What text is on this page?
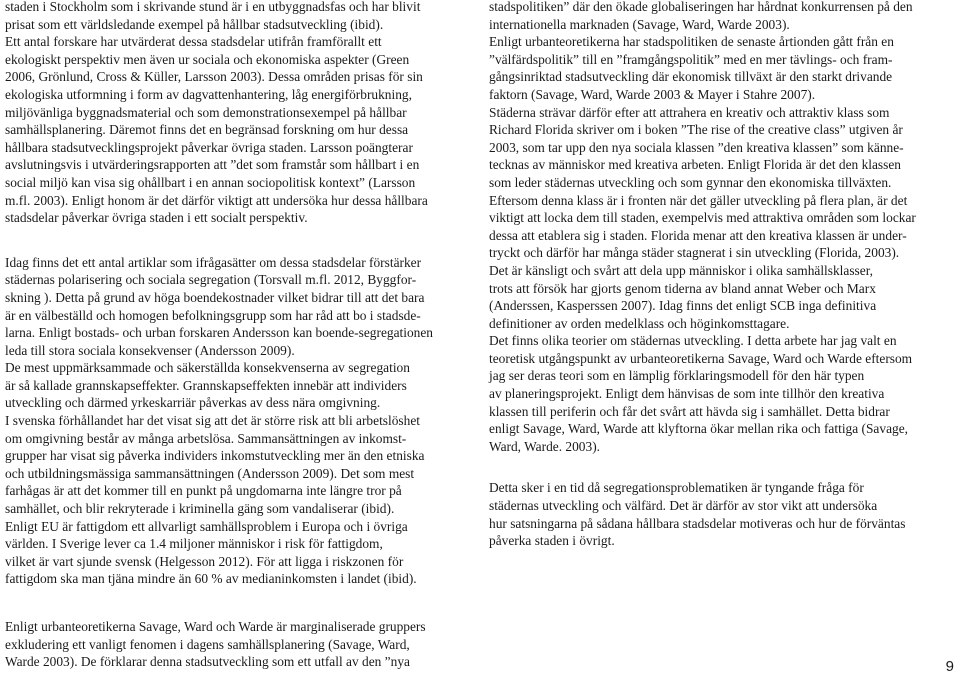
staden i Stockholm som i skrivande stund är i en utbyggnadsfas och har blivit
prisat som ett världsledande exempel på hållbar stadsutveckling (ibid).
Ett antal forskare har utvärderat dessa stadsdelar utifrån framförallt ett
ekologiskt perspektiv men även ur sociala och ekonomiska aspekter (Green
2006, Grönlund, Cross & Küller, Larsson 2003). Dessa områden prisas för sin
ekologiska utformning i form av dagvattenhantering, låg energiförbrukning,
miljövänliga byggnadsmaterial och som demonstrationsexempel på hållbar
samhällsplanering. Däremot finns det en begränsad forskning om hur dessa
hållbara stadsutvecklingsprojekt påverkar övriga staden. Larsson poängterar
avslutningsvis i utvärderingsrapporten att ”det som framstår som hållbart i en
social miljö kan visa sig ohållbart i en annan sociopolitisk kontext” (Larsson
m.fl. 2003). Enligt honom är det därför viktigt att undersöka hur dessa hållbara
stadsdelar påverkar övriga staden i ett socialt perspektiv.

Idag finns det ett antal artiklar som ifrågasätter om dessa stadsdelar förstärker
städernas polarisering och sociala segregation (Torsvall m.fl. 2012, Byggfor-
skning ). Detta på grund av höga boendekostnader vilket bidrar till att det bara
är en välbeställd och homogen befolkningsgrupp som har råd att bo i stadsde-
larna. Enligt bostads- och urban forskaren Andersson kan boende-segregationen
leda till stora sociala konsekvenser (Andersson 2009).
De mest uppmärksammade och säkerställda konsekvenserna av segregation
är så kallade grannskapseffekter. Grannskapseffekten innebär att individers
utveckling och därmed yrkeskarriär påverkas av dess nära omgivning.
I svenska förhållandet har det visat sig att det är större risk att bli arbetslöshet
om omgivning består av många arbetslösa. Sammansättningen av inkomst-
grupper har visat sig påverka individers inkomstutveckling mer än den etniska
och utbildningsmässiga sammansättningen (Andersson 2009). Det som mest
farhågas är att det kommer till en punkt på ungdomarna inte längre tror på
samhället, och blir rekryterade i kriminella gäng som vandaliserar (ibid).
Enligt EU är fattigdom ett allvarligt samhällsproblem i Europa och i övriga
världen. I Sverige lever ca 1.4 miljoner människor i risk för fattigdom,
vilket är vart sjunde svensk (Helgesson 2012). För att ligga i riskzonen för
fattigdom ska man tjäna mindre än 60 % av medianinkomsten i landet (ibid).

Enligt urbanteoretikerna Savage, Ward och Warde är marginaliserade gruppers
exkludering ett vanligt fenomen i dagens samhällsplanering (Savage, Ward,
Warde 2003). De förklarar denna stadsutveckling som ett utfall av den ”nya

stadspolitiken” där den ökade globaliseringen har hårdnat konkurrensen på den
internationella marknaden (Savage, Ward, Warde 2003).
Enligt urbanteoretikerna har stadspolitiken de senaste årtionden gått från en
”välfärdspolitik” till en ”framgångspolitik” med en mer tävlings- och fram-
gångsinriktad stadsutveckling där ekonomisk tillväxt är den starkt drivande
faktorn (Savage, Ward, Warde 2003 & Mayer i Stahre 2007).
Städerna strävar därför efter att attrahera en kreativ och attraktiv klass som
Richard Florida skriver om i boken ”The rise of the creative class” utgiven år
2003, som tar upp den nya sociala klassen ”den kreativa klassen” som känne-
tecknas av människor med kreativa arbeten. Enligt Florida är det den klassen
som leder städernas utveckling och som gynnar den ekonomiska tillväxten.
Eftersom denna klass är i fronten när det gäller utveckling på flera plan, är det
viktigt att locka dem till staden, exempelvis med attraktiva områden som lockar
dessa att etablera sig i staden. Florida menar att den kreativa klassen är under-
tryckt och därför har många städer stagnerat i sin utveckling (Florida, 2003).
Det är känsligt och svårt att dela upp människor i olika samhällsklasser,
trots att försök har gjorts genom tiderna av bland annat Weber och Marx
(Anderssen, Kasperssen 2007). Idag finns det enligt SCB inga definitiva
definitioner av orden medelklass och höginkomsttagare.
Det finns olika teorier om städernas utveckling. I detta arbete har jag valt en
teoretisk utgångspunkt av urbanteoretikerna Savage, Ward och Warde eftersom
jag ser deras teori som en lämplig förklaringsmodell för den här typen
av planeringsprojekt. Enligt dem hänvisas de som inte tillhör den kreativa
klassen till periferin och får det svårt att hävda sig i samhället. Detta bidrar
enligt Savage, Ward, Warde att klyftorna ökar mellan rika och fattiga (Savage,
Ward, Warde. 2003).

Detta sker i en tid då segregationsproblematiken är tyngande fråga för
städernas utveckling och välfärd. Det är därför av stor vikt att undersöka
hur satsningarna på sådana hållbara stadsdelar motiveras och hur de förväntas
påverka staden i övrigt.

9
